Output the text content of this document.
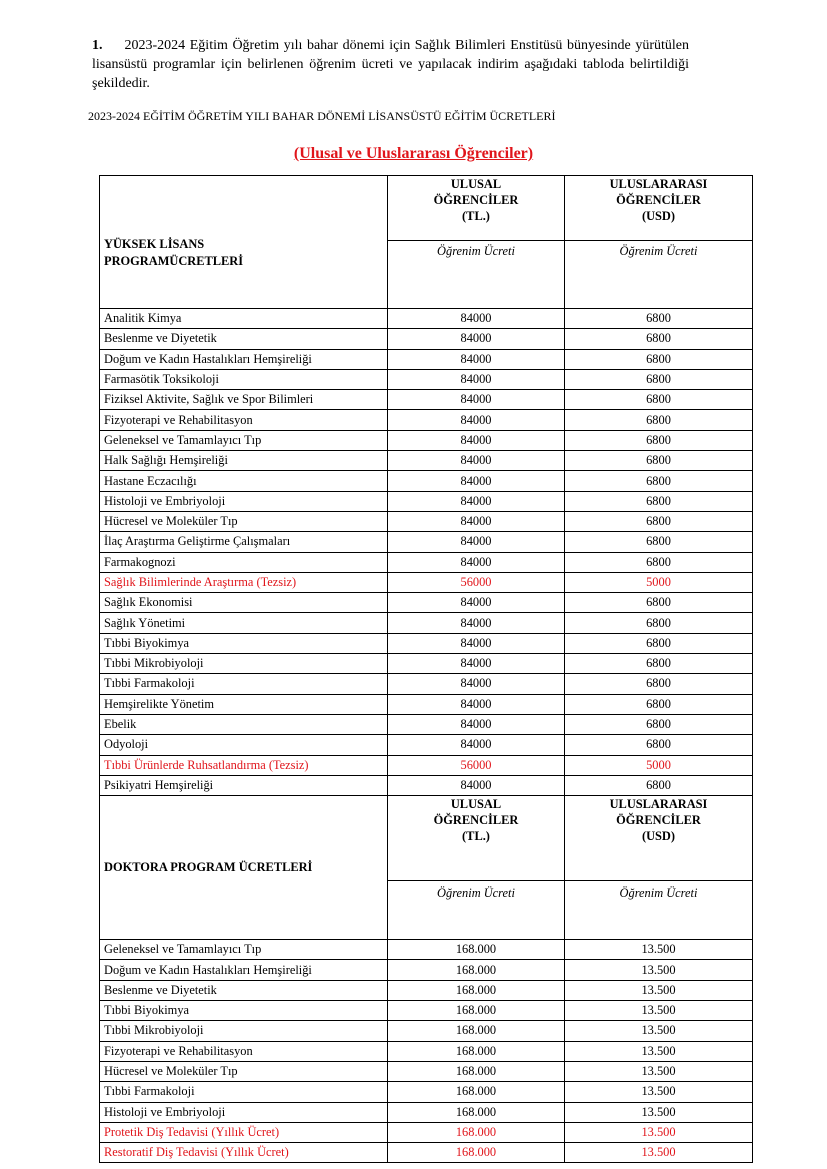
1. 2023-2024 Eğitim Öğretim yılı bahar dönemi için Sağlık Bilimleri Enstitüsü bünyesinde yürütülen lisansüstü programlar için belirlenen öğrenim ücreti ve yapılacak indirim aşağıdaki tabloda belirtildiği şekildedir.
2023-2024 EĞİTİM ÖĞRETİM YILI BAHAR DÖNEMİ LİSANSÜSTÜ EĞİTİM ÜCRETLERİ
(Ulusal ve Uluslararası Öğrenciler)
YÜKSEK LİSANS
PROGRAMÜCRETLERİ	ULUSAL
ÖĞRENCİLER
(TL.)	ULUSLARARASI
ÖĞRENCİLER
(USD)
	Öğrenim Ücreti	Öğrenim Ücreti
Analitik Kimya	84000	6800
Beslenme ve Diyetetik	84000	6800
Doğum ve Kadın Hastalıkları Hemşireliği	84000	6800
Farmasötik Toksikoloji	84000	6800
Fiziksel Aktivite, Sağlık ve Spor Bilimleri	84000	6800
Fizyoterapi ve Rehabilitasyon	84000	6800
Geleneksel ve Tamamlayıcı Tıp	84000	6800
Halk Sağlığı Hemşireliği	84000	6800
Hastane Eczacılığı	84000	6800
Histoloji ve Embriyoloji	84000	6800
Hücresel ve Moleküler Tıp	84000	6800
İlaç Araştırma Geliştirme Çalışmaları	84000	6800
Farmakognozi	84000	6800
Sağlık Bilimlerinde Araştırma (Tezsiz)	56000	5000
Sağlık Ekonomisi	84000	6800
Sağlık Yönetimi	84000	6800
Tıbbi Biyokimya	84000	6800
Tıbbi Mikrobiyoloji	84000	6800
Tıbbi Farmakoloji	84000	6800
Hemşirelikte Yönetim	84000	6800
Ebelik	84000	6800
Odyoloji	84000	6800
Tıbbi Ürünlerde Ruhsatlandırma (Tezsiz)	56000	5000
Psikiyatri Hemşireliği	84000	6800
DOKTORA PROGRAM ÜCRETLERİ	ULUSAL
ÖĞRENCİLER
(TL.)	ULUSLARARASI
ÖĞRENCİLER
(USD)
	Öğrenim Ücreti	Öğrenim Ücreti
Geleneksel ve Tamamlayıcı Tıp	168.000	13.500
Doğum ve Kadın Hastalıkları Hemşireliği	168.000	13.500
Beslenme ve Diyetetik	168.000	13.500
Tıbbi Biyokimya	168.000	13.500
Tıbbi Mikrobiyoloji	168.000	13.500
Fizyoterapi ve Rehabilitasyon	168.000	13.500
Hücresel ve Moleküler Tıp	168.000	13.500
Tıbbi Farmakoloji	168.000	13.500
Histoloji ve Embriyoloji	168.000	13.500
Protetik Diş Tedavisi (Yıllık Ücret)	168.000	13.500
Restoratif Diş Tedavisi (Yıllık Ücret)	168.000	13.500
